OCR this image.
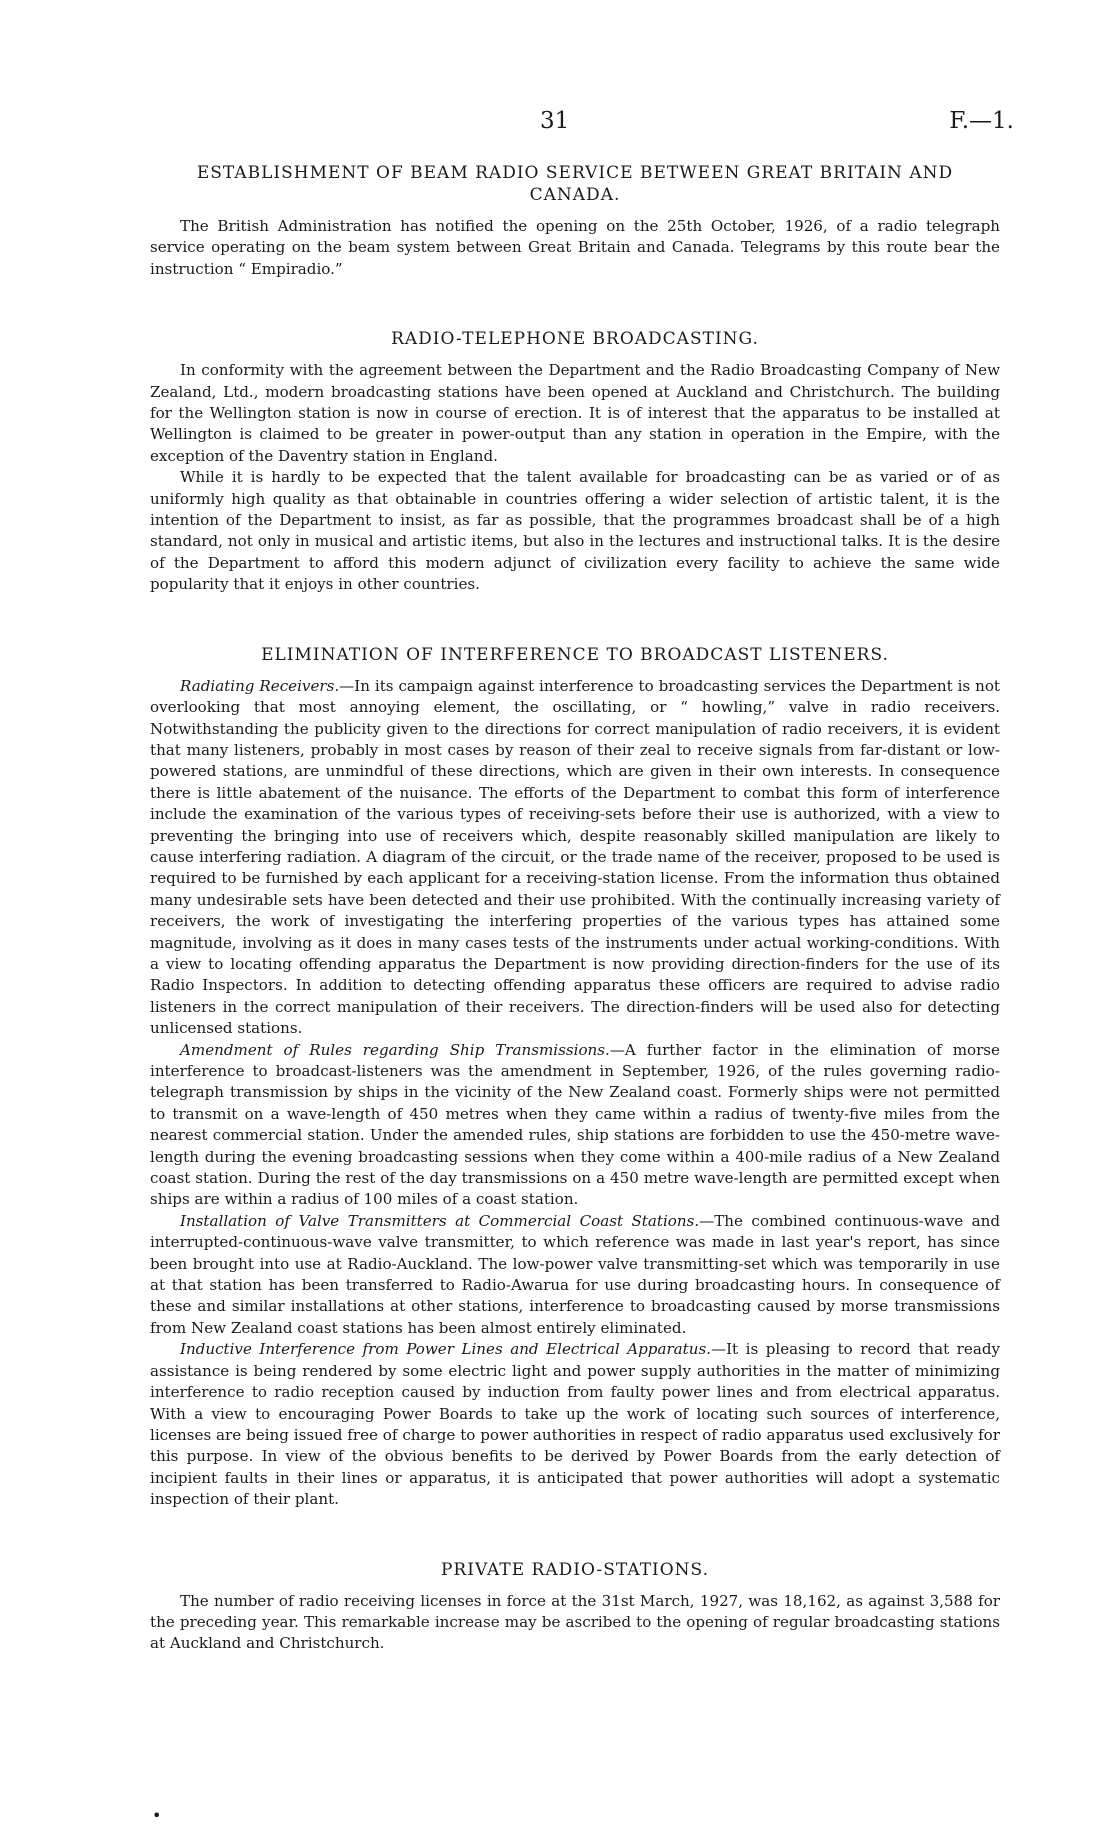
31	F.—1.
ESTABLISHMENT OF BEAM RADIO SERVICE BETWEEN GREAT BRITAIN AND CANADA.

The British Administration has notified the opening on the 25th October, 1926, of a radio telegraph service operating on the beam system between Great Britain and Canada. Telegrams by this route bear the instruction “ Empiradio.”

RADIO-TELEPHONE BROADCASTING.

In conformity with the agreement between the Department and the Radio Broadcasting Company of New Zealand, Ltd., modern broadcasting stations have been opened at Auckland and Christchurch. The building for the Wellington station is now in course of erection. It is of interest that the apparatus to be installed at Wellington is claimed to be greater in power-output than any station in operation in the Empire, with the exception of the Daventry station in England.

While it is hardly to be expected that the talent available for broadcasting can be as varied or of as uniformly high quality as that obtainable in countries offering a wider selection of artistic talent, it is the intention of the Department to insist, as far as possible, that the programmes broadcast shall be of a high standard, not only in musical and artistic items, but also in the lectures and instructional talks. It is the desire of the Department to afford this modern adjunct of civilization every facility to achieve the same wide popularity that it enjoys in other countries.

ELIMINATION OF INTERFERENCE TO BROADCAST LISTENERS.

Radiating Receivers.—In its campaign against interference to broadcasting services the Department is not overlooking that most annoying element, the oscillating, or “ howling,” valve in radio receivers. Notwithstanding the publicity given to the directions for correct manipulation of radio receivers, it is evident that many listeners, probably in most cases by reason of their zeal to receive signals from far-distant or low-powered stations, are unmindful of these directions, which are given in their own interests. In consequence there is little abatement of the nuisance. The efforts of the Department to combat this form of interference include the examination of the various types of receiving-sets before their use is authorized, with a view to preventing the bringing into use of receivers which, despite reasonably skilled manipulation are likely to cause interfering radiation. A diagram of the circuit, or the trade name of the receiver, proposed to be used is required to be furnished by each applicant for a receiving-station license. From the information thus obtained many undesirable sets have been detected and their use prohibited. With the continually increasing variety of receivers, the work of investigating the interfering properties of the various types has attained some magnitude, involving as it does in many cases tests of the instruments under actual working-conditions. With a view to locating offending apparatus the Department is now providing direction-finders for the use of its Radio Inspectors. In addition to detecting offending apparatus these officers are required to advise radio listeners in the correct manipulation of their receivers. The direction-finders will be used also for detecting unlicensed stations.

Amendment of Rules regarding Ship Transmissions.—A further factor in the elimination of morse interference to broadcast-listeners was the amendment in September, 1926, of the rules governing radio-telegraph transmission by ships in the vicinity of the New Zealand coast. Formerly ships were not permitted to transmit on a wave-length of 450 metres when they came within a radius of twenty-five miles from the nearest commercial station. Under the amended rules, ship stations are forbidden to use the 450-metre wave-length during the evening broadcasting sessions when they come within a 400-mile radius of a New Zealand coast station. During the rest of the day transmissions on a 450 metre wave-length are permitted except when ships are within a radius of 100 miles of a coast station.

Installation of Valve Transmitters at Commercial Coast Stations.—The combined continuous-wave and interrupted-continuous-wave valve transmitter, to which reference was made in last year's report, has since been brought into use at Radio-Auckland. The low-power valve transmitting-set which was temporarily in use at that station has been transferred to Radio-Awarua for use during broadcasting hours. In consequence of these and similar installations at other stations, interference to broadcasting caused by morse transmissions from New Zealand coast stations has been almost entirely eliminated.

Inductive Interference from Power Lines and Electrical Apparatus.—It is pleasing to record that ready assistance is being rendered by some electric light and power supply authorities in the matter of minimizing interference to radio reception caused by induction from faulty power lines and from electrical apparatus. With a view to encouraging Power Boards to take up the work of locating such sources of interference, licenses are being issued free of charge to power authorities in respect of radio apparatus used exclusively for this purpose. In view of the obvious benefits to be derived by Power Boards from the early detection of incipient faults in their lines or apparatus, it is anticipated that power authorities will adopt a systematic inspection of their plant.

PRIVATE RADIO-STATIONS.

The number of radio receiving licenses in force at the 31st March, 1927, was 18,162, as against 3,588 for the preceding year. This remarkable increase may be ascribed to the opening of regular broadcasting stations at Auckland and Christchurch.

•
